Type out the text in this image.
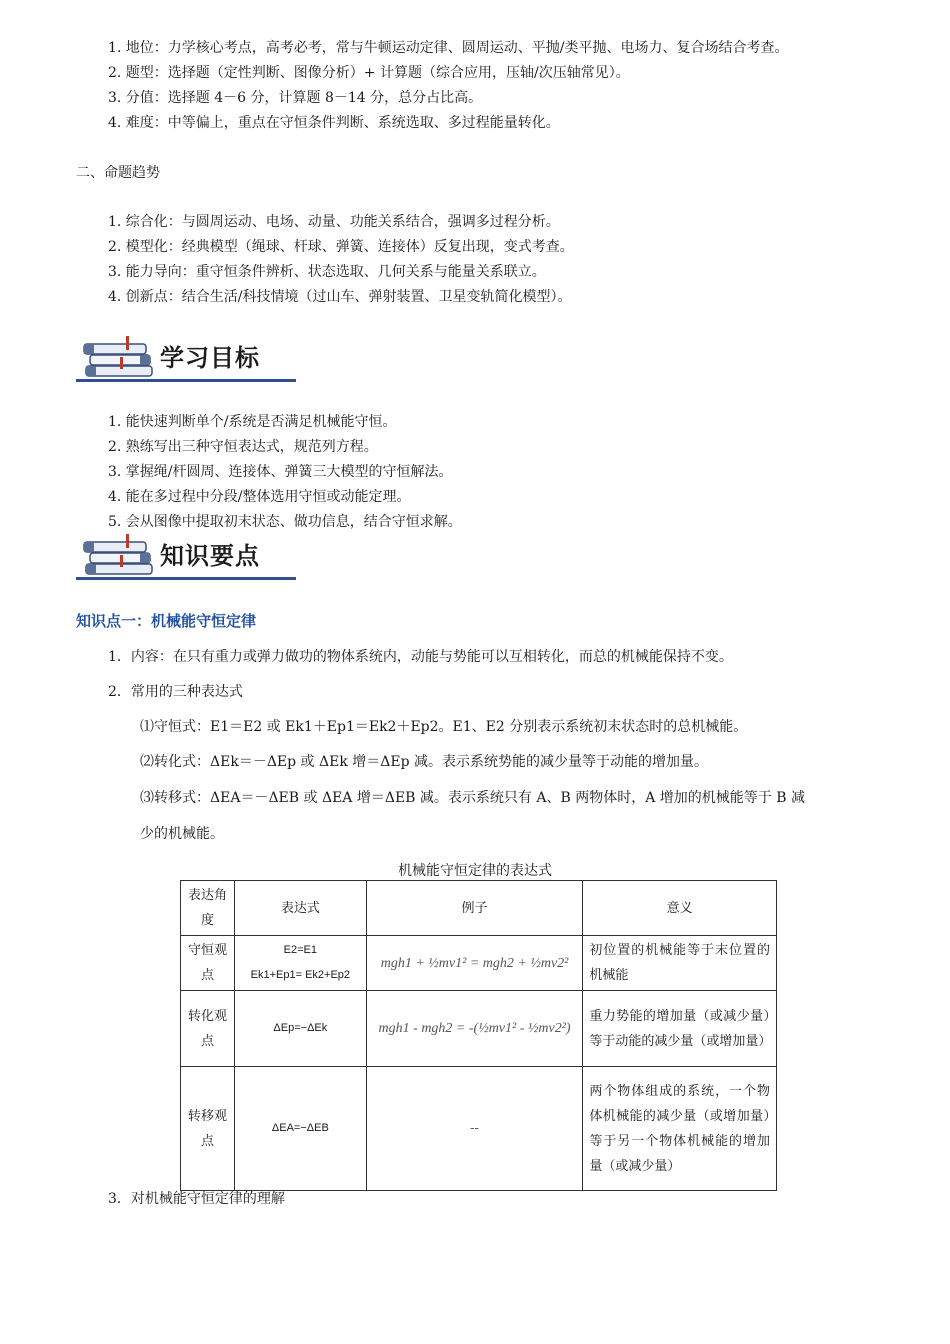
1. 地位：力学核心考点，高考必考，常与牛顿运动定律、圆周运动、平抛/类平抛、电场力、复合场结合考查。
2. 题型：选择题（定性判断、图像分析）+ 计算题（综合应用，压轴/次压轴常见）。
3. 分值：选择题 4－6 分，计算题 8－14 分，总分占比高。
4. 难度：中等偏上，重点在守恒条件判断、系统选取、多过程能量转化。
二、命题趋势
1. 综合化：与圆周运动、电场、动量、功能关系结合，强调多过程分析。
2. 模型化：经典模型（绳球、杆球、弹簧、连接体）反复出现，变式考查。
3. 能力导向：重守恒条件辨析、状态选取、几何关系与能量关系联立。
4. 创新点：结合生活/科技情境（过山车、弹射装置、卫星变轨简化模型）。
学习目标
1. 能快速判断单个/系统是否满足机械能守恒。
2. 熟练写出三种守恒表达式，规范列方程。
3. 掌握绳/杆圆周、连接体、弹簧三大模型的守恒解法。
4. 能在多过程中分段/整体选用守恒或动能定理。
5. 会从图像中提取初末状态、做功信息，结合守恒求解。
知识要点
知识点一：机械能守恒定律
1．内容：在只有重力或弹力做功的物体系统内，动能与势能可以互相转化，而总的机械能保持不变。
2．常用的三种表达式
⑴守恒式：E1＝E2 或 Ek1＋Ep1＝Ek2＋Ep2。E1、E2 分别表示系统初末状态时的总机械能。
⑵转化式：ΔEk＝－ΔEp 或 ΔEk 增＝ΔEp 减。表示系统势能的减少量等于动能的增加量。
⑶转移式：ΔEA＝－ΔEB 或 ΔEA 增＝ΔEB 减。表示系统只有 A、B 两物体时，A 增加的机械能等于 B 减
少的机械能。
机械能守恒定律的表达式
表达角度	表达式	例子	意义
守恒观点	E2=E1
Ek1+Ep1= Ek2+Ep2	mgh1 + ½mv1² = mgh2 + ½mv2²	初位置的机械能等于末位置的机械能
转化观点	ΔEp=−ΔEk	mgh1 - mgh2 = -(½mv1² - ½mv2²)	重力势能的增加量（或减少量）等于动能的减少量（或增加量）
转移观点	ΔEA=−ΔEB	--	两个物体组成的系统，一个物体机械能的减少量（或增加量）等于另一个物体机械能的增加量（或减少量）
3．对机械能守恒定律的理解
